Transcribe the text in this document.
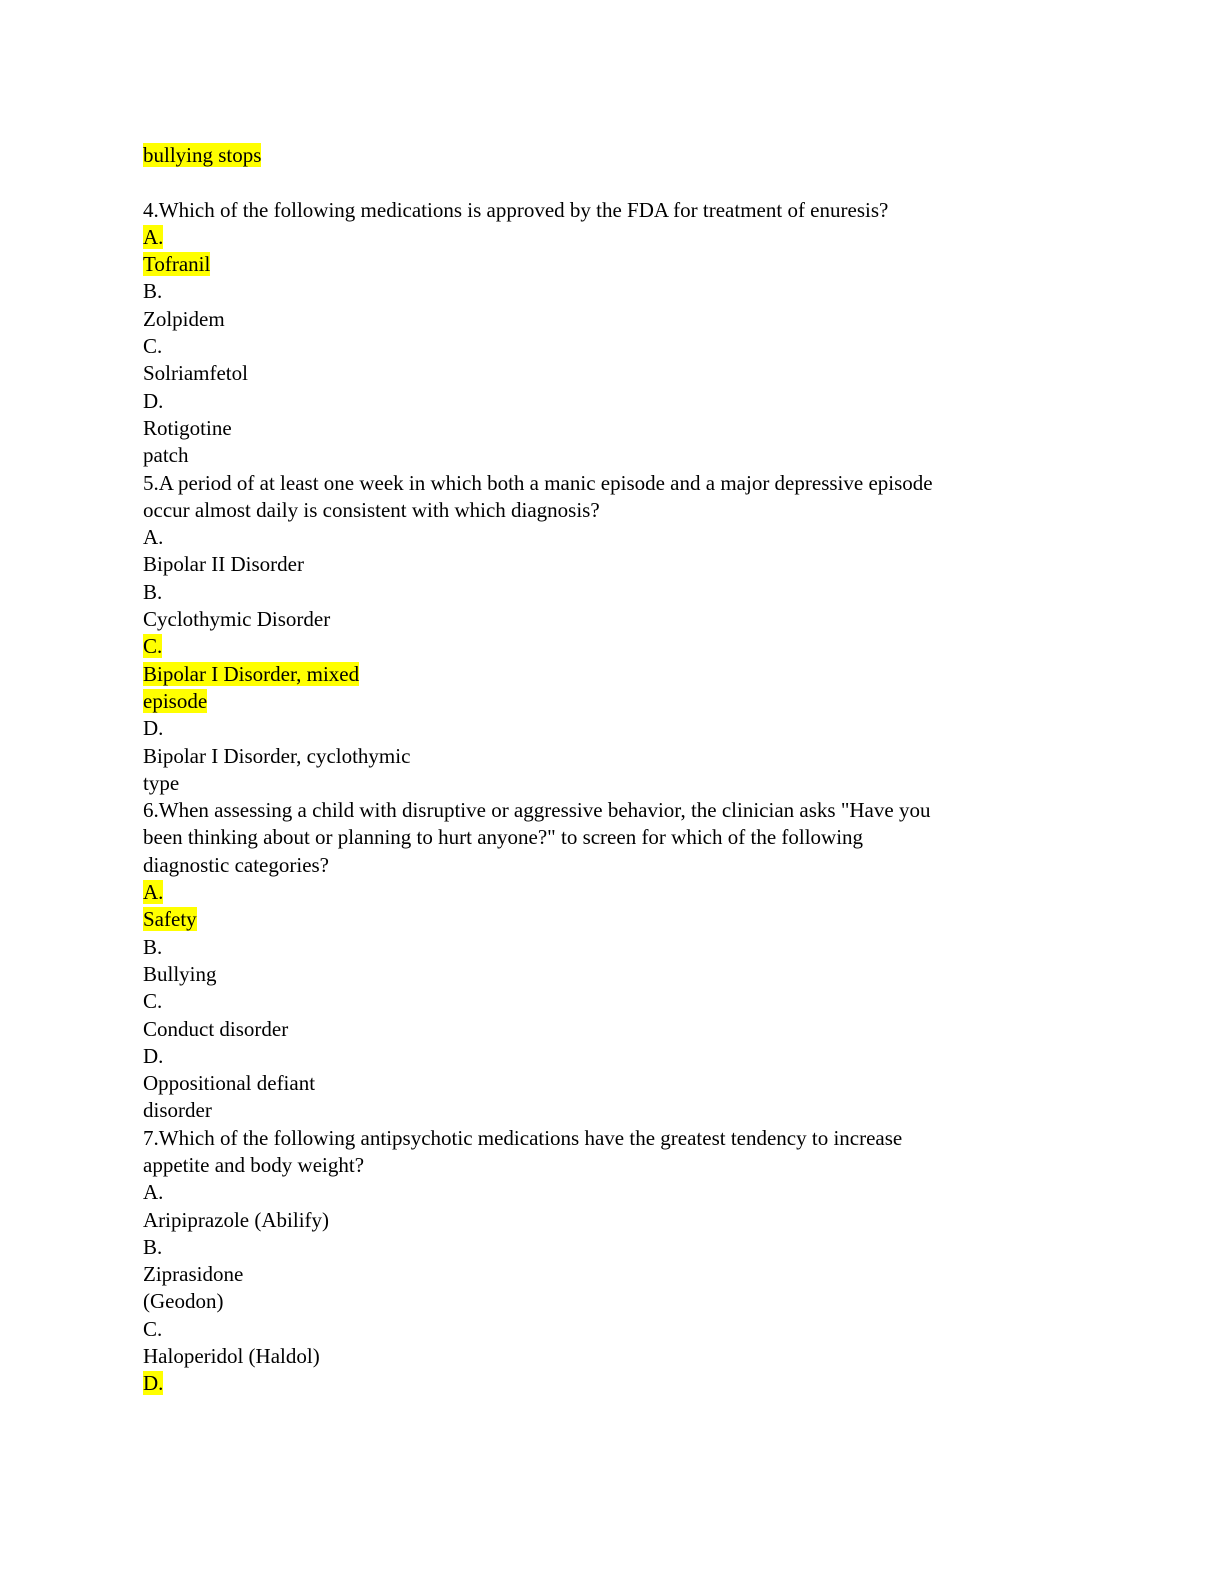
bullying stops
4.Which of the following medications is approved by the FDA for treatment of enuresis?
A.
Tofranil
B.
Zolpidem
C.
Solriamfetol
D.
Rotigotine
patch
5.A period of at least one week in which both a manic episode and a major depressive episode
occur almost daily is consistent with which diagnosis?
A.
Bipolar II Disorder
B.
Cyclothymic Disorder
C.
Bipolar I Disorder, mixed
episode
D.
Bipolar I Disorder, cyclothymic
type
6.When assessing a child with disruptive or aggressive behavior, the clinician asks "Have you
been thinking about or planning to hurt anyone?" to screen for which of the following
diagnostic categories?
A.
Safety
B.
Bullying
C.
Conduct disorder
D.
Oppositional defiant
disorder
7.Which of the following antipsychotic medications have the greatest tendency to increase
appetite and body weight?
A.
Aripiprazole (Abilify)
B.
Ziprasidone
(Geodon)
C.
Haloperidol (Haldol)
D.
